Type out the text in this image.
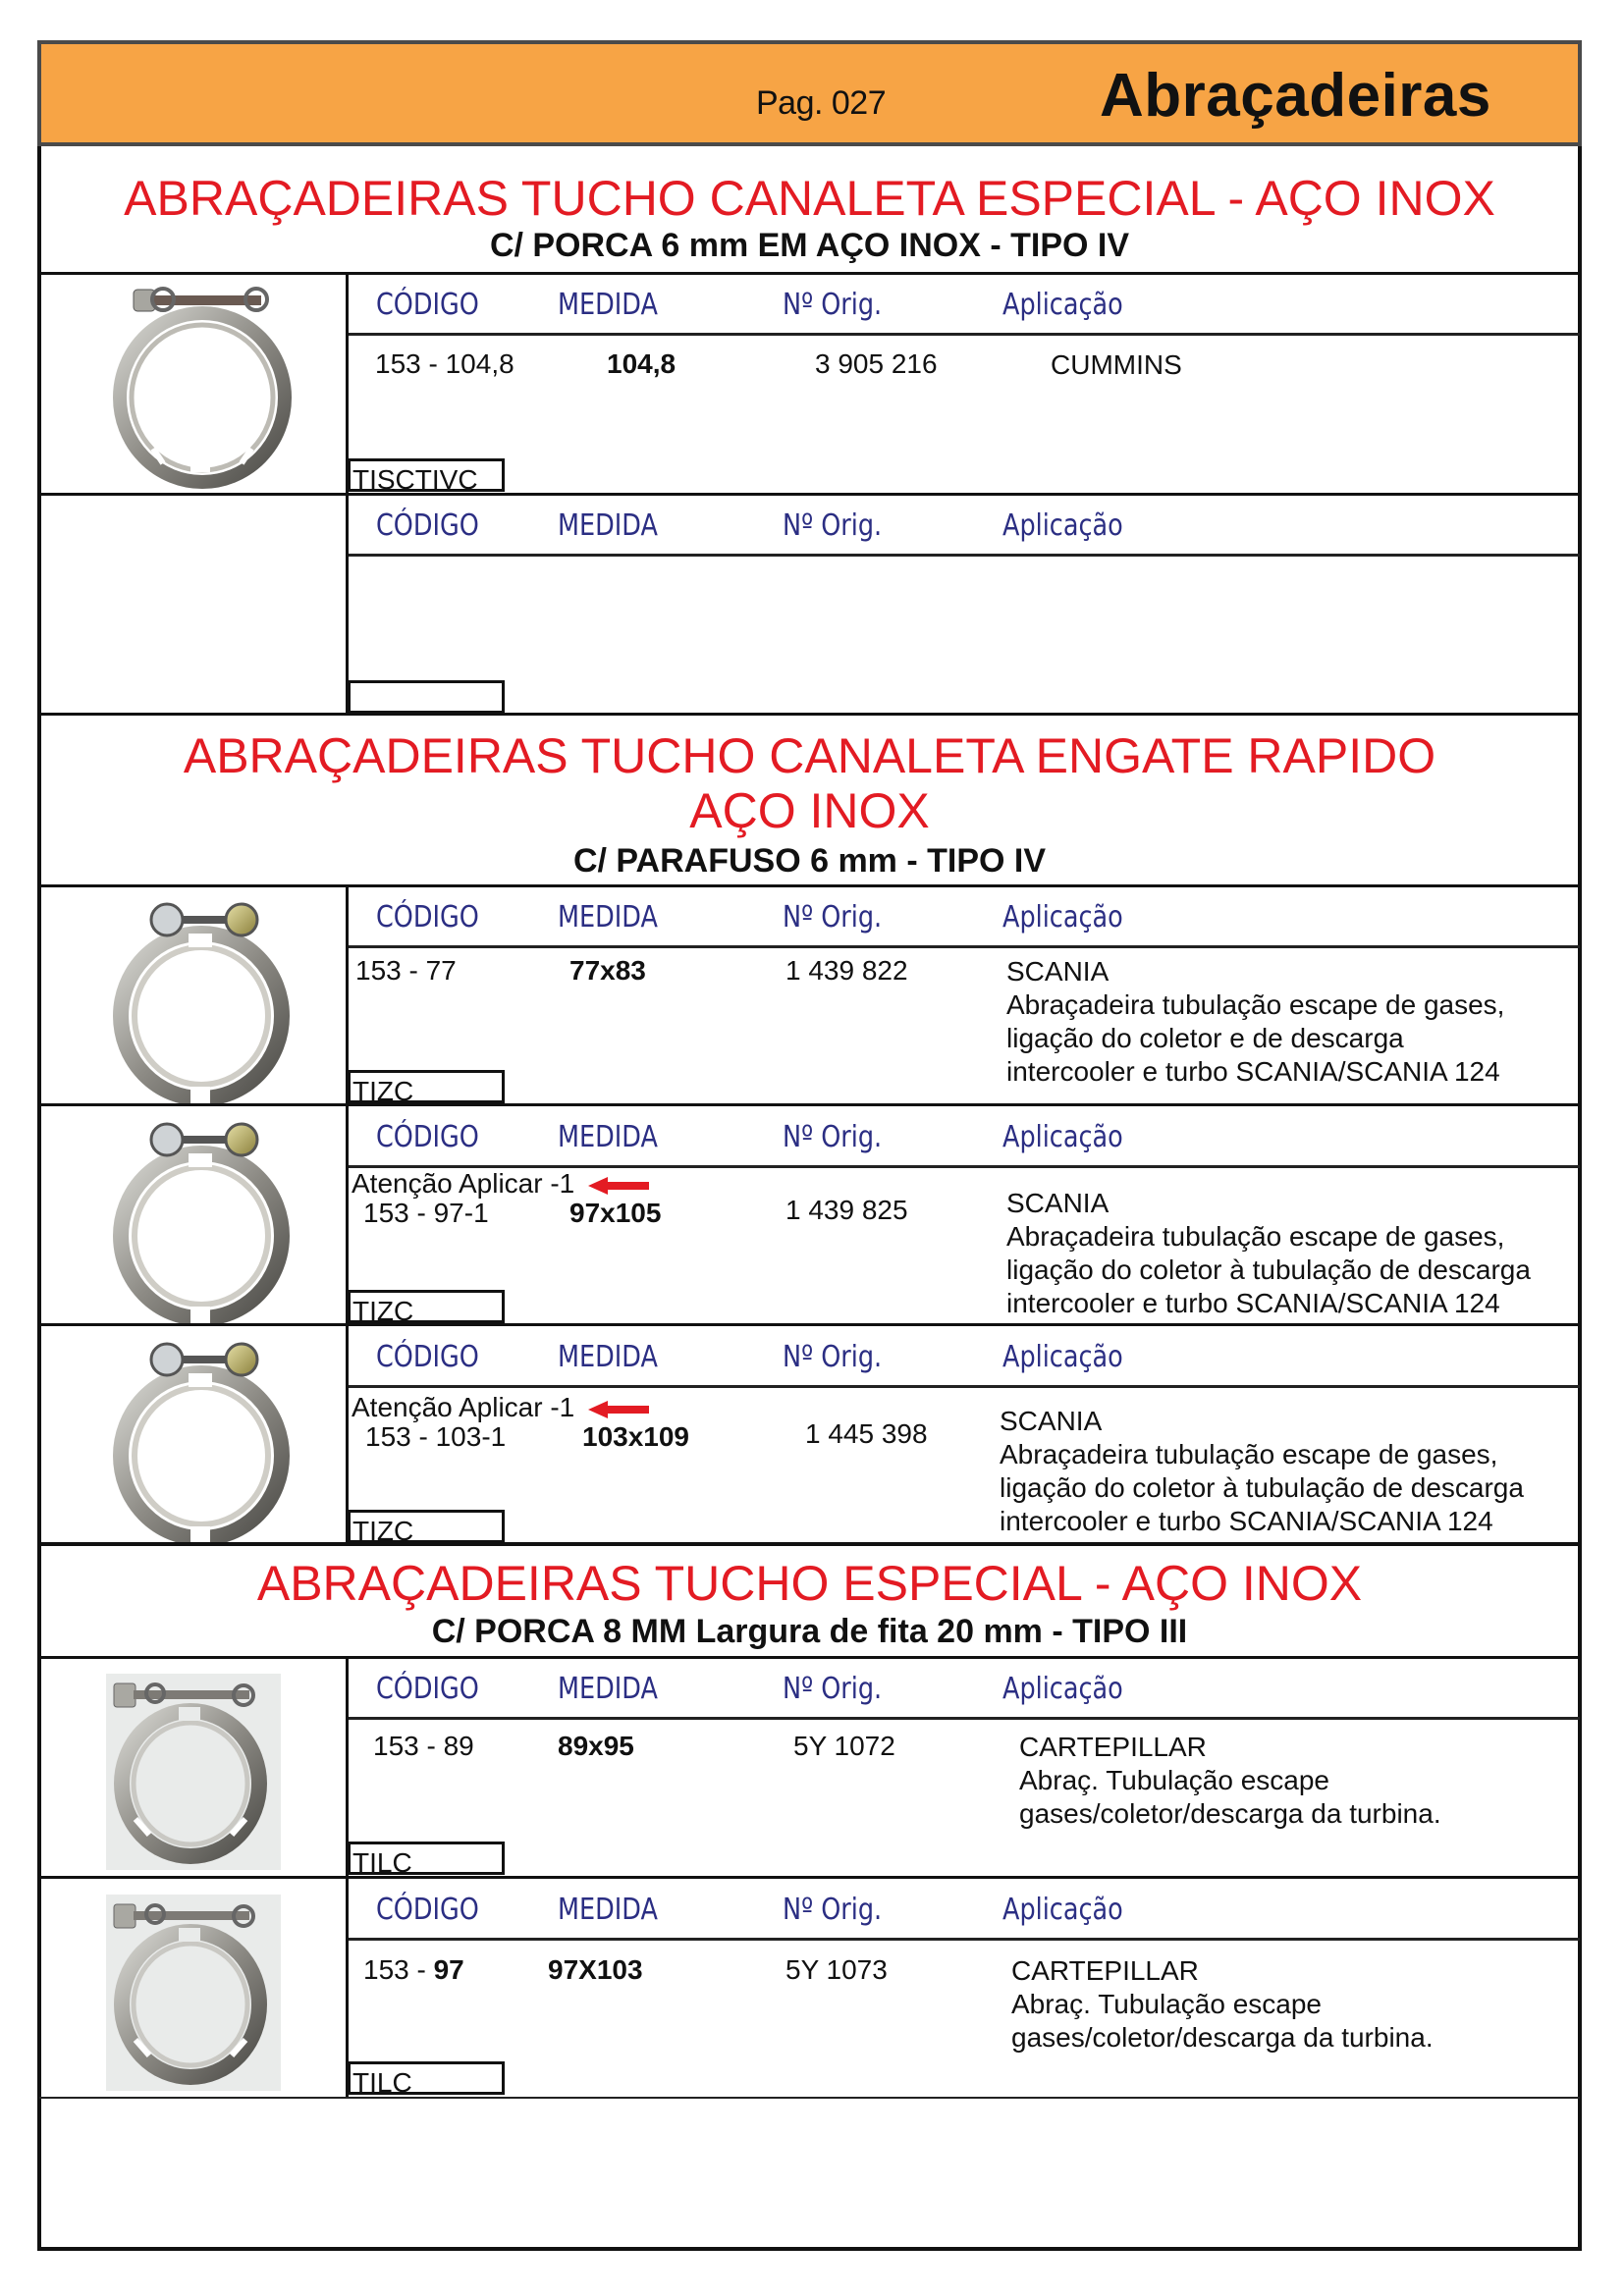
Pag. 027	Abraçadeiras
ABRAÇADEIRAS TUCHO CANALETA ESPECIAL - AÇO INOX
C/ PORCA 6 mm EM AÇO INOX - TIPO IV
CÓDIGO	MEDIDA	Nº Orig.	Aplicação
153 - 104,8	104,8	3 905 216	CUMMINS
TISCTIVC
CÓDIGO	MEDIDA	Nº Orig.	Aplicação
ABRAÇADEIRAS TUCHO CANALETA ENGATE RAPIDO
AÇO INOX
C/ PARAFUSO 6 mm - TIPO IV
CÓDIGO	MEDIDA	Nº Orig.	Aplicação
153 - 77	77x83	1 439 822	SCANIA
Abraçadeira tubulação escape de gases,
ligação do coletor e de descarga
intercooler e turbo SCANIA/SCANIA 124
TIZC
CÓDIGO	MEDIDA	Nº Orig.	Aplicação
Atenção Aplicar -1
153 - 97-1	97x105	1 439 825	SCANIA
Abraçadeira tubulação escape de gases,
ligação do coletor à tubulação de descarga
intercooler e turbo SCANIA/SCANIA 124
TIZC
CÓDIGO	MEDIDA	Nº Orig.	Aplicação
Atenção Aplicar -1
153 - 103-1	103x109	1 445 398	SCANIA
Abraçadeira tubulação escape de gases,
ligação do coletor à tubulação de descarga
intercooler e turbo SCANIA/SCANIA 124
TIZC
ABRAÇADEIRAS TUCHO ESPECIAL - AÇO INOX
C/ PORCA 8 MM Largura de fita 20 mm - TIPO III
CÓDIGO	MEDIDA	Nº Orig.	Aplicação
153 - 89	89x95	5Y 1072	CARTEPILLAR
Abraç. Tubulação escape
gases/coletor/descarga da turbina.
TILC
CÓDIGO	MEDIDA	Nº Orig.	Aplicação
153 - 97	97X103	5Y 1073	CARTEPILLAR
Abraç. Tubulação escape
gases/coletor/descarga da turbina.
TILC
